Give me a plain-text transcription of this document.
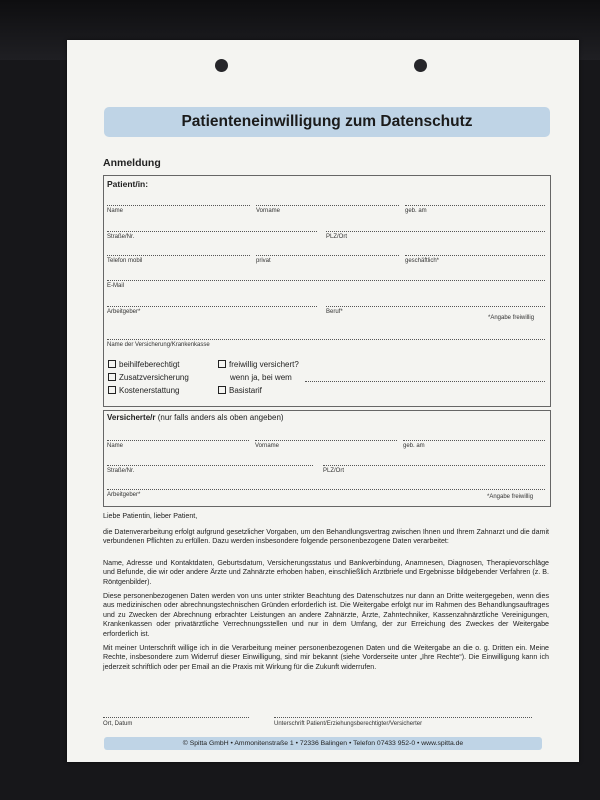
Patienteneinwilligung zum Datenschutz
Anmeldung
Patient/in:
Name	Vorname	geb. am
Straße/Nr.	PLZ/Ort
Telefon mobil	privat	geschäftlich*
E-Mail
Arbeitgeber*	Beruf*
*Angabe freiwillig
Name der Versicherung/Krankenkasse
beihilfeberechtigt
Zusatzversicherung
Kostenerstattung
freiwillig versichert?
wenn ja, bei wem
Basistarif
Versicherte/r (nur falls anders als oben angeben)
Name	Vorname	geb. am
Straße/Nr.	PLZ/Ort
Arbeitgeber*	*Angabe freiwillig
Liebe Patientin, lieber Patient,
die Datenverarbeitung erfolgt aufgrund gesetzlicher Vorgaben, um den Behandlungsvertrag zwischen Ihnen und Ihrem Zahnarzt und die damit verbundenen Pflichten zu erfüllen. Dazu werden insbesondere folgende personenbezogene Daten verarbeitet:
Name, Adresse und Kontaktdaten, Geburtsdatum, Versicherungsstatus und Bankverbindung, Anamnesen, Diagnosen, Therapievorschläge und Befunde, die wir oder andere Ärzte und Zahnärzte erhoben haben, einschließlich Arztbriefe und Ergebnisse bildgebender Verfahren (z. B. Röntgenbilder).
Diese personenbezogenen Daten werden von uns unter strikter Beachtung des Datenschutzes nur dann an Dritte weitergegeben, wenn dies aus medizinischen oder abrechnungstechnischen Gründen erforderlich ist. Die Weitergabe erfolgt nur im Rahmen des Behandlungsauftrages und zu Zwecken der Abrechnung erbrachter Leistungen an andere Zahnärzte, Ärzte, Zahntechniker, Kassenzahnärztliche Vereinigungen, Krankenkassen oder privatärztliche Verrechnungsstellen und nur in dem Umfang, der zur Erreichung des Zweckes der Weitergabe erforderlich ist.
Mit meiner Unterschrift willige ich in die Verarbeitung meiner personenbezogenen Daten und die Weitergabe an die o. g. Dritten ein. Meine Rechte, insbesondere zum Widerruf dieser Einwilligung, sind mir bekannt (siehe Vorderseite unter „Ihre Rechte“). Die Einwilligung kann ich jederzeit schriftlich oder per Email an die Praxis mit Wirkung für die Zukunft widerrufen.
Ort, Datum	Unterschrift Patient/Erziehungsberechtigter/Versicherter
© Spitta GmbH • Ammonitenstraße 1 • 72336 Balingen • Telefon 07433 952-0 • www.spitta.de
